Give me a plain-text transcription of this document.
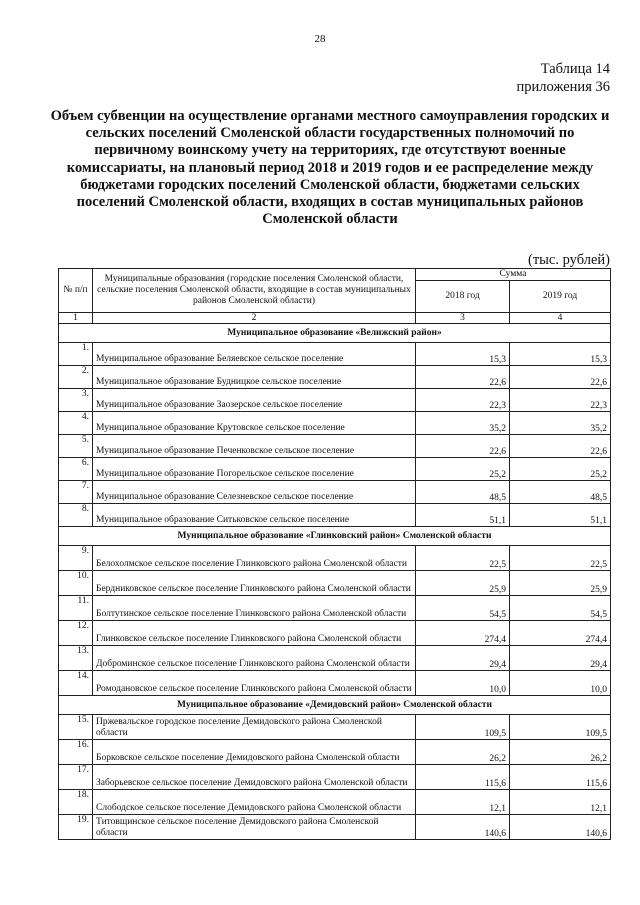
28
Таблица 14
приложения 36
Объем субвенции на осуществление органами местного самоуправления городских и сельских поселений Смоленской области государственных полномочий по первичному воинскому учету на территориях, где отсутствуют военные комиссариаты, на плановый период 2018 и 2019 годов и ее распределение между бюджетами городских поселений Смоленской области, бюджетами сельских поселений Смоленской области, входящих в состав муниципальных районов Смоленской области
(тыс. рублей)
№ п/п	Муниципальные образования (городские поселения Смоленской области, сельские поселения Смоленской области, входящие в состав муниципальных районов Смоленской области)	Сумма	
		2018 год	2019 год
1	2	3	4
Муниципальное образование «Велижский район»			
1.	Муниципальное образование Беляевское сельское поселение	15,3	15,3
2.	Муниципальное образование Будницкое сельское поселение	22,6	22,6
3.	Муниципальное образование Заозерское сельское поселение	22,3	22,3
4.	Муниципальное образование Крутовское сельское поселение	35,2	35,2
5.	Муниципальное образование Печенковское сельское поселение	22,6	22,6
6.	Муниципальное образование Погорельское сельское поселение	25,2	25,2
7.	Муниципальное образование Селезневское сельское поселение	48,5	48,5
8.	Муниципальное образование Ситьковское сельское поселение	51,1	51,1
Муниципальное образование «Глинковский район» Смоленской области			
9.	Белохолмское сельское поселение Глинковского района Смоленской области	22,5	22,5
10.	Бердниковское сельское поселение Глинковского района Смоленской области	25,9	25,9
11.	Болтутинское сельское поселение Глинковского района Смоленской области	54,5	54,5
12.	Глинковское сельское поселение Глинковского района Смоленской области	274,4	274,4
13.	Доброминское сельское поселение Глинковского района Смоленской области	29,4	29,4
14.	Ромодановское сельское поселение Глинковского района Смоленской области	10,0	10,0
Муниципальное образование «Демидовский район» Смоленской области			
15.	Пржевальское городское поселение Демидовского района Смоленской области	109,5	109,5
16.	Борковское сельское поселение Демидовского района Смоленской области	26,2	26,2
17.	Заборьевское сельское поселение Демидовского района Смоленской области	115,6	115,6
18.	Слободское сельское поселение Демидовского района Смоленской области	12,1	12,1
19.	Титовщинское сельское поселение Демидовского района Смоленской области	140,6	140,6
